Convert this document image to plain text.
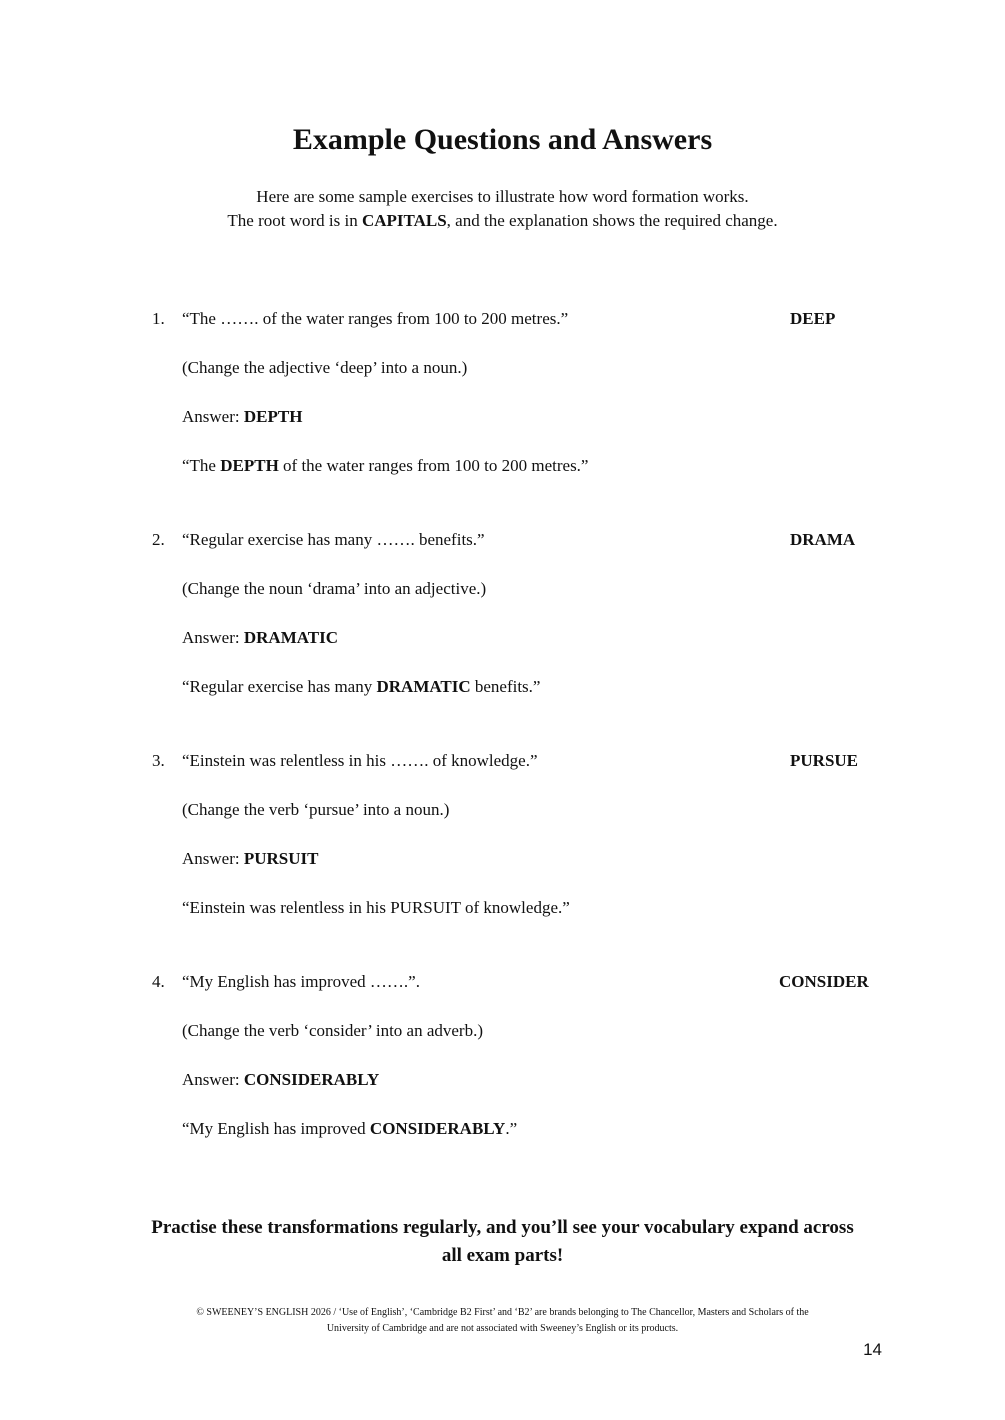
Example Questions and Answers

Here are some sample exercises to illustrate how word formation works.

The root word is in CAPITALS, and the explanation shows the required change.

1. “The ……. of the water ranges from 100 to 200 metres.”	DEEP
(Change the adjective ‘deep’ into a noun.)
Answer: DEPTH
“The DEPTH of the water ranges from 100 to 200 metres.”
2. “Regular exercise has many ……. benefits.”	DRAMA
(Change the noun ‘drama’ into an adjective.)
Answer: DRAMATIC
“Regular exercise has many DRAMATIC benefits.”
3. “Einstein was relentless in his ……. of knowledge.”	PURSUE
(Change the verb ‘pursue’ into a noun.)
Answer: PURSUIT
“Einstein was relentless in his PURSUIT of knowledge.”
4. “My English has improved …….”.	CONSIDER
(Change the verb ‘consider’ into an adverb.)
Answer: CONSIDERABLY
“My English has improved CONSIDERABLY.”

Practise these transformations regularly, and you’ll see your vocabulary expand across

all exam parts!

© SWEENEY’S ENGLISH 2026 / ‘Use of English’, ‘Cambridge B2 First’ and ‘B2’ are brands belonging to The Chancellor, Masters and Scholars of the

University of Cambridge and are not associated with Sweeney’s English or its products.

14
